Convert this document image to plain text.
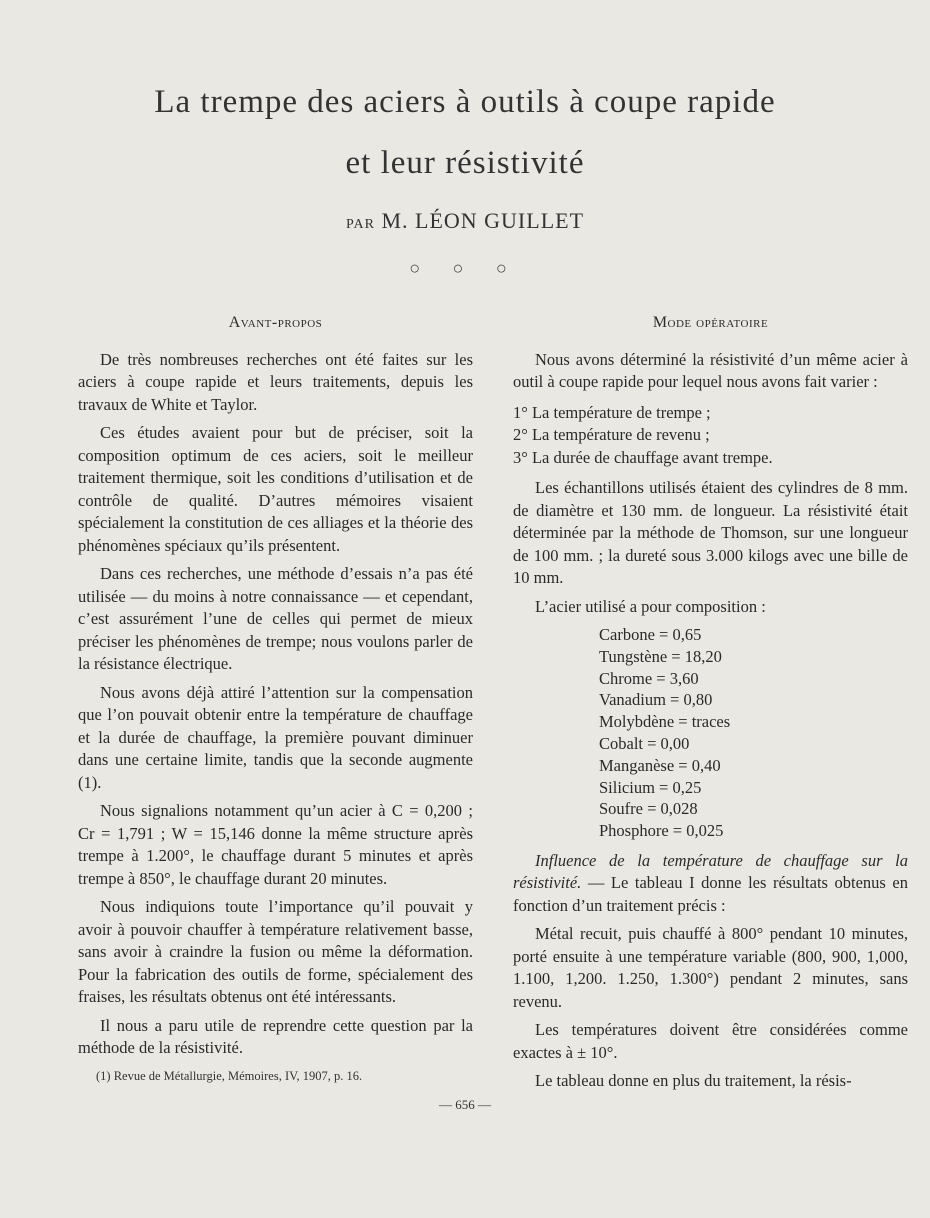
La trempe des aciers à outils à coupe rapide
et leur résistivité
PAR M. LÉON GUILLET
○ ○ ○
Avant-propos

De très nombreuses recherches ont été faites sur les aciers à coupe rapide et leurs traitements, depuis les travaux de White et Taylor.

Ces études avaient pour but de préciser, soit la composition optimum de ces aciers, soit le meilleur traitement thermique, soit les conditions d’utilisation et de contrôle de qualité. D’autres mémoires visaient spécialement la constitution de ces alliages et la théorie des phénomènes spéciaux qu’ils présentent.

Dans ces recherches, une méthode d’essais n’a pas été utilisée — du moins à notre connaissance — et cependant, c’est assurément l’une de celles qui permet de mieux préciser les phénomènes de trempe; nous voulons parler de la résistance électrique.

Nous avons déjà attiré l’attention sur la compensation que l’on pouvait obtenir entre la température de chauffage et la durée de chauffage, la première pouvant diminuer dans une certaine limite, tandis que la seconde augmente (1).

Nous signalions notamment qu’un acier à C = 0,200 ; Cr = 1,791 ; W = 15,146 donne la même structure après trempe à 1.200°, le chauffage durant 5 minutes et après trempe à 850°, le chauffage durant 20 minutes.

Nous indiquions toute l’importance qu’il pouvait y avoir à pouvoir chauffer à température relativement basse, sans avoir à craindre la fusion ou même la déformation. Pour la fabrication des outils de forme, spécialement des fraises, les résultats obtenus ont été intéressants.

Il nous a paru utile de reprendre cette question par la méthode de la résistivité.

Mode opératoire

Nous avons déterminé la résistivité d’un même acier à outil à coupe rapide pour lequel nous avons fait varier :

1° La température de trempe ;
2° La température de revenu ;
3° La durée de chauffage avant trempe.

Les échantillons utilisés étaient des cylindres de 8 mm. de diamètre et 130 mm. de longueur. La résistivité était déterminée par la méthode de Thomson, sur une longueur de 100 mm. ; la dureté sous 3.000 kilogs avec une bille de 10 mm.

L’acier utilisé a pour composition :

Carbone = 0,65
Tungstène = 18,20
Chrome = 3,60
Vanadium = 0,80
Molybdène = traces
Cobalt = 0,00
Manganèse = 0,40
Silicium = 0,25
Soufre = 0,028
Phosphore = 0,025

Influence de la température de chauffage sur la résistivité. — Le tableau I donne les résultats obtenus en fonction d’un traitement précis :

Métal recuit, puis chauffé à 800° pendant 10 minutes, porté ensuite à une température variable (800, 900, 1,000, 1.100, 1,200. 1.250, 1.300°) pendant 2 minutes, sans revenu.

Les températures doivent être considérées comme exactes à ± 10°.

Le tableau donne en plus du traitement, la résis-

(1) Revue de Métallurgie, Mémoires, IV, 1907, p. 16.
— 656 —
